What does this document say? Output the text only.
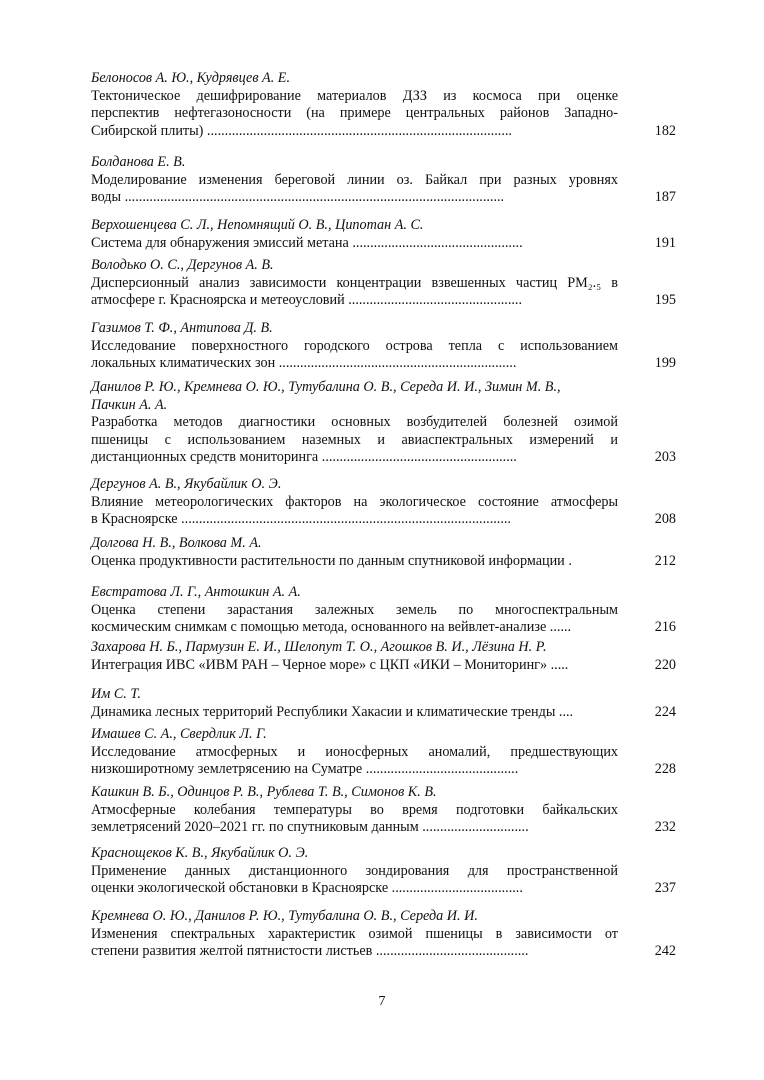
Белоносов А. Ю., Кудрявцев А. Е.
Тектоническое дешифрирование материалов ДЗЗ из космоса при оценке
перспектив нефтегазоносности (на примере центральных районов Западно-
Сибирской плиты) ......................................................................................	182
Болданова Е. В.
Моделирование изменения береговой линии оз. Байкал при разных уровнях
воды ...........................................................................................................	187
Верхошенцева С. Л., Непомнящий О. В., Ципотан А. С.
Система для обнаружения эмиссий метана ................................................	191
Володько О. С., Дергунов А. В.
Дисперсионный анализ зависимости концентрации взвешенных частиц PM₂.₅ в
атмосфере г. Красноярска и метеоусловий .................................................	195
Газимов Т. Ф., Антипова Д. В.
Исследование поверхностного городского острова тепла с использованием
локальных климатических зон ...................................................................	199
Данилов Р. Ю., Кремнева О. Ю., Тутубалина О. В., Середа И. И., Зимин М. В.,
Пачкин А. А.
Разработка методов диагностики основных возбудителей болезней озимой
пшеницы с использованием наземных и авиаспектральных измерений и
дистанционных средств мониторинга .......................................................	203
Дергунов А. В., Якубайлик О. Э.
Влияние метеорологических факторов на экологическое состояние атмосферы
в Красноярске .............................................................................................	208
Долгова Н. В., Волкова М. А.
Оценка продуктивности растительности по данным спутниковой информации .	212
Евстратова Л. Г., Антошкин А. А.
Оценка степени зарастания залежных земель по многоспектральным
космическим снимкам с помощью метода, основанного на вейвлет-анализе ......	216
Захарова Н. Б., Пармузин Е. И., Шелопут Т. О., Агошков В. И., Лёзина Н. Р.
Интеграция ИВС «ИВМ РАН – Черное море» с ЦКП «ИКИ – Мониторинг» .....	220
Им С. Т.
Динамика лесных территорий Республики Хакасии и климатические тренды ....	224
Имашев С. А., Свердлик Л. Г.
Исследование атмосферных и ионосферных аномалий, предшествующих
низкоширотному землетрясению на Суматре ...........................................	228
Кашкин В. Б., Одинцов Р. В., Рублева Т. В., Симонов К. В.
Атмосферные колебания температуры во время подготовки байкальских
землетрясений 2020–2021 гг. по спутниковым данным ..............................	232
Краснощеков К. В., Якубайлик О. Э.
Применение данных дистанционного зондирования для пространственной
оценки экологической обстановки в Красноярске .....................................	237
Кремнева О. Ю., Данилов Р. Ю., Тутубалина О. В., Середа И. И.
Изменения спектральных характеристик озимой пшеницы в зависимости от
степени развития желтой пятнистости листьев ...........................................	242
7
